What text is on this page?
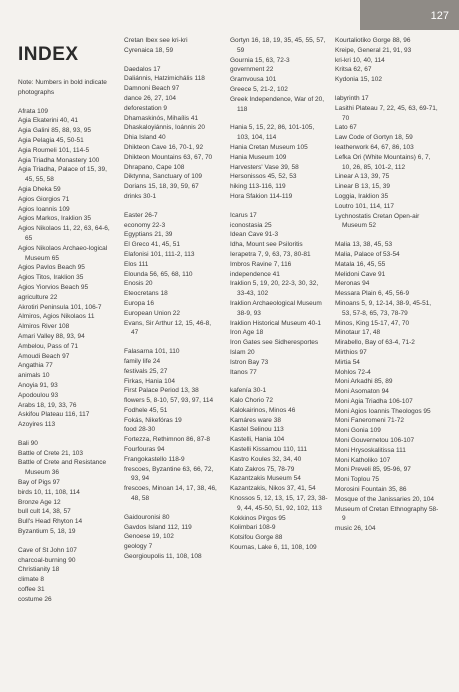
127
INDEX
Note: Numbers in bold indicate photographs
Afrata 109
Agia Ekaterini 40, 41
Agia Galini 85, 88, 93, 95
Agia Pelagia 45, 50-51
Agia Roumeli 101, 114-5
Agia Triadha Monastery 100
Agia Triadha, Palace of 15, 39, 45, 55, 58
Agia Dheka 59
Agios Giorgios 71
Agios Ioannis 109
Agios Markos, Iraklion 35
Agios Nikolaos 11, 22, 63, 64-6, 65
Agios Nikolaos Archaeo-logical Museum 65
Agios Pavlos Beach 95
Agios Titos, Iraklion 35
Agios Yiorvios Beach 95
agriculture 22
Akrotiri Peninsula 101, 106-7
Almiros, Agios Nikolaos 11
Almiros River 108
Amari Valley 88, 93, 94
Ambelou, Pass of 71
Amoudi Beach 97
Angathia 77
animals 10
Anoyia 91, 93
Apodoulou 93
Arabs 18, 19, 33, 76
Askifou Plateau 116, 117
Azoyires 113
Bali 90
Battle of Crete 21, 103
Battle of Crete and Resistance Museum 36
Bay of Pigs 97
birds 10, 11, 108, 114
Bronze Age 12
bull cult 14, 38, 57
Bull's Head Rhyton 14
Byzantium 5, 18, 19
Cave of St John 107
charcoal-burning 90
Christianity 18
climate 8
coffee 31
costume 26
Cretan Ibex see kri-kri
Cyrenaica 18, 59
Daedalos 17
Daliánnis, Hatzimichális 118
Damnoni Beach 97
dance 26, 27, 104
deforestation 9
Dhamaskinós, Mihaílis 41
Dhaskaloyiánnis, Ioánnis 20
Dhia Island 40
Dhikteon Cave 16, 70-1, 92
Dhikteon Mountains 63, 67, 70
Dhrapano, Cape 108
Diktynna, Sanctuary of 109
Dorians 15, 18, 39, 59, 67
drinks 30-1
Easter 26-7
economy 22-3
Egyptians 21, 39
El Greco 41, 45, 51
Elafonisi 101, 111-2, 113
Elos 111
Elounda 56, 65, 68, 110
Enosis 20
Eteocretans 18
Europa 16
European Union 22
Evans, Sir Arthur 12, 15, 46-8, 47
Falasarna 101, 110
family life 24
festivals 25, 27
Firkas, Hania 104
First Palace Period 13, 38
flowers 5, 8-10, 57, 93, 97, 114
Fodhele 45, 51
Fokás, Nikefóras 19
food 28-30
Fortezza, Rethimnon 86, 87-8
Fourfouras 94
Frangokastello 118-9
frescoes, Byzantine 63, 66, 72, 93, 94
frescoes, Minoan 14, 17, 38, 46, 48, 58
Gaidouronisi 80
Gavdos Island 112, 119
Genoese 19, 102
geology 7
Georgioupolis 11, 108, 108
Gortyn 16, 18, 19, 35, 45, 55, 57, 59
Gournia 15, 63, 72-3
government 22
Gramvousa 101
Greece 5, 21-2, 102
Greek Independence, War of 20, 118
Hania 5, 15, 22, 86, 101-105, 103, 104, 114
Hania Cretan Museum 105
Hania Museum 109
Harvesters' Vase 39, 58
Hersonissos 45, 52, 53
hiking 113-116, 119
Hora Sfakion 114-119
Icarus 17
iconostasia 25
Idean Cave 91-3
Idha, Mount see Psiloritis
Ierapetra 7, 9, 63, 73, 80-81
Imbros Ravine 7, 116
independence 41
Iraklion 5, 19, 20, 22-3, 30, 32, 33-43, 102
Iraklion Archaeological Museum 38-9, 93
Iraklion Historical Museum 40-1
Iron Age 18
Iron Gates see Sidheresportes
Islam 20
Istron Bay 73
Itanos 77
kafenía 30-1
Kalo Chorio 72
Kalokairinos, Minos 46
Kamáres ware 38
Kastel Selinou 113
Kastelli, Hania 104
Kastelli Kissamou 110, 111
Kastro Koules 32, 34, 40
Kato Zakros 75, 78-79
Kazantzakis Museum 54
Kazantzakis, Nikos 37, 41, 54
Knossos 5, 12, 13, 15, 17, 23, 38-9, 44, 45-50, 51, 92, 102, 113
Kokkinos Pirgos 95
Kolimbari 108-9
Kotsifou Gorge 88
Kournas, Lake 6, 11, 108, 109
Kourtaliotiko Gorge 88, 96
Kreipe, General 21, 91, 93
kri-kri 10, 40, 114
Kritsa 62, 67
Kydonia 15, 102
labyrinth 17
Lasithi Plateau 7, 22, 45, 63, 69-71, 70
Lato 67
Law Code of Gortyn 18, 59
leatherwork 64, 67, 86, 103
Lefka Ori (White Mountains) 6, 7, 10, 26, 85, 101-2, 112
Linear A 13, 39, 75
Linear B 13, 15, 39
Loggia, Iraklion 35
Loutro 101, 114, 117
Lychnostatis Cretan Open-air Museum 52
Malia 13, 38, 45, 53
Malia, Palace of 53-54
Matala 16, 45, 55
Melidoni Cave 91
Meronas 94
Messara Plain 6, 45, 56-9
Minoans 5, 9, 12-14, 38-9, 45-51, 53, 57-8, 65, 73, 78-79
Minos, King 15-17, 47, 70
Minotaur 17, 48
Mirabello, Bay of 63-4, 71-2
Mirthios 97
Mirtia 54
Mohlos 72-4
Moni Arkadhi 85, 89
Moni Asomaton 94
Moni Agia Triadha 106-107
Moni Agios Ioannis Theologos 95
Moni Faneromeni 71-72
Moni Gonia 109
Moni Gouvernetou 106-107
Moni Hrysoskalitissa 111
Moni Katholiko 107
Moni Preveli 85, 95-96, 97
Moni Toplou 75
Morosini Fountain 35, 86
Mosque of the Janissaries 20, 104
Museum of Cretan Ethnography 58-9
music 26, 104
